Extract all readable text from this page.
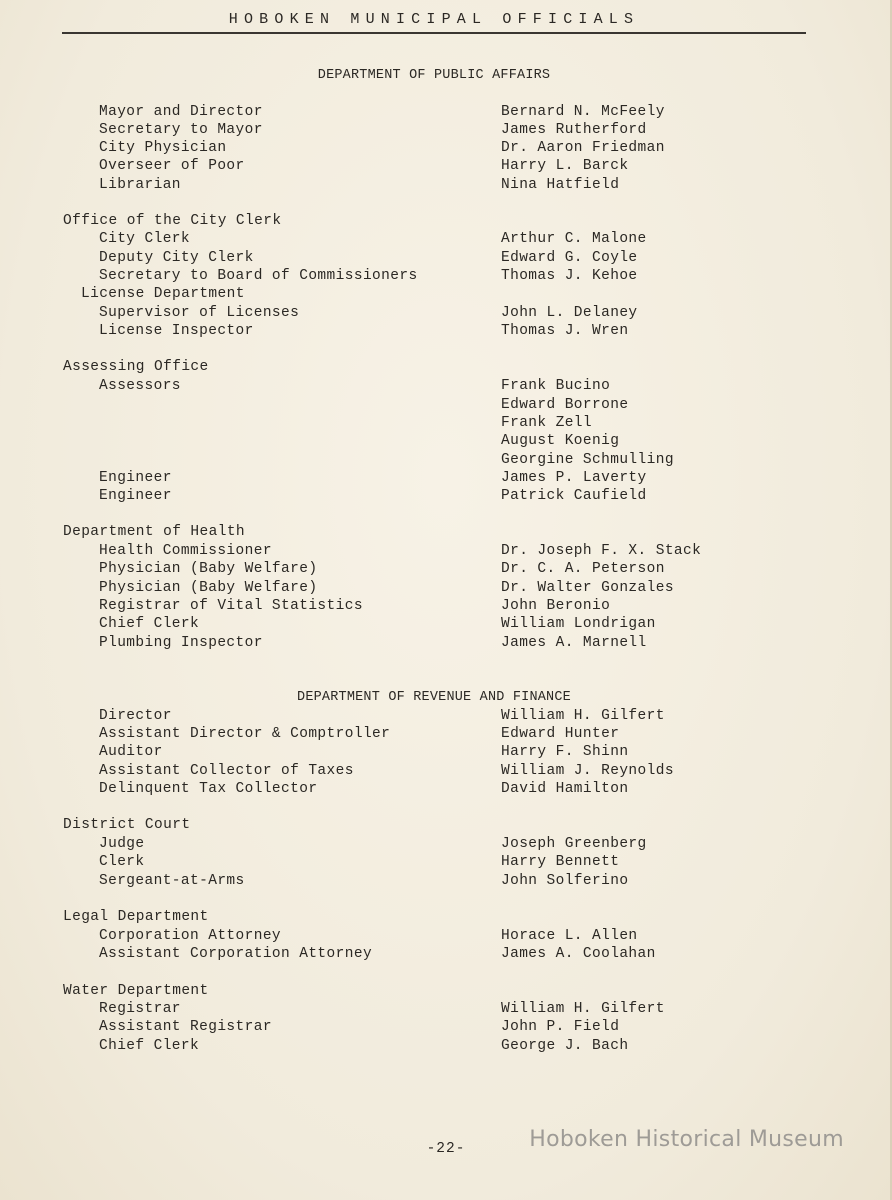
HOBOKEN MUNICIPAL OFFICIALS
DEPARTMENT OF PUBLIC AFFAIRS
Mayor and Director	Bernard N. McFeely
Secretary to Mayor	James Rutherford
City Physician	Dr. Aaron Friedman
Overseer of Poor	Harry L. Barck
Librarian	Nina Hatfield
Office of the City Clerk
City Clerk	Arthur C. Malone
Deputy City Clerk	Edward G. Coyle
Secretary to Board of Commissioners	Thomas J. Kehoe
License Department
Supervisor of Licenses	John L. Delaney
License Inspector	Thomas J. Wren
Assessing Office
Assessors	Frank Bucino
Edward Borrone
Frank Zell
August Koenig
Georgine Schmulling
Engineer	James P. Laverty
Engineer	Patrick Caufield
Department of Health
Health Commissioner	Dr. Joseph F. X. Stack
Physician (Baby Welfare)	Dr. C. A. Peterson
Physician (Baby Welfare)	Dr. Walter Gonzales
Registrar of Vital Statistics	John Beronio
Chief Clerk	William Londrigan
Plumbing Inspector	James A. Marnell
DEPARTMENT OF REVENUE AND FINANCE
Director	William H. Gilfert
Assistant Director & Comptroller	Edward Hunter
Auditor	Harry F. Shinn
Assistant Collector of Taxes	William J. Reynolds
Delinquent Tax Collector	David Hamilton
District Court
Judge	Joseph Greenberg
Clerk	Harry Bennett
Sergeant-at-Arms	John Solferino
Legal Department
Corporation Attorney	Horace L. Allen
Assistant Corporation Attorney	James A. Coolahan
Water Department
Registrar	William H. Gilfert
Assistant Registrar	John P. Field
Chief Clerk	George J. Bach
-22-	Hoboken Historical Museum
